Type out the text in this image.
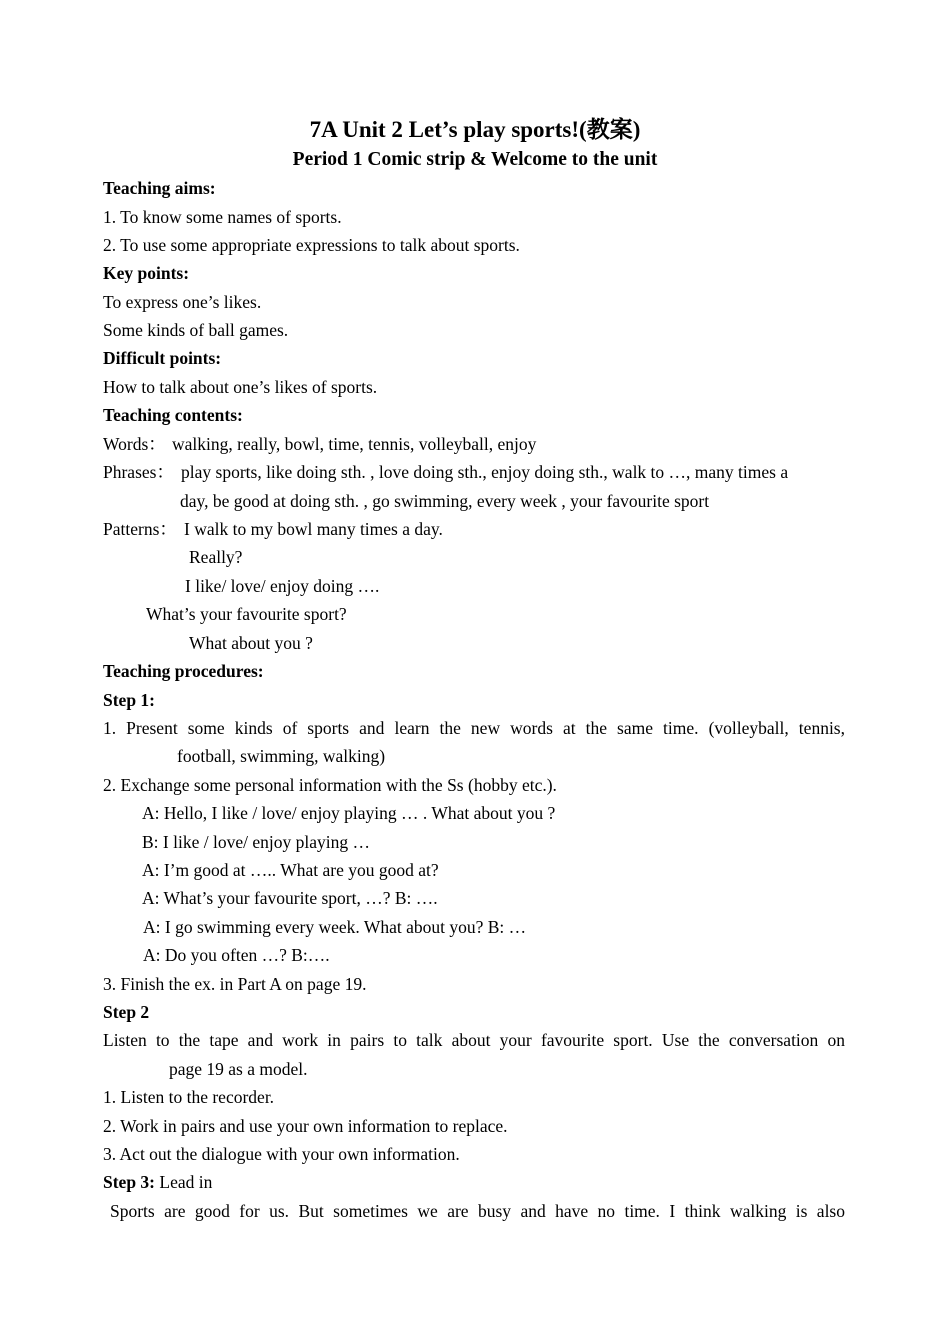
7A Unit 2 Let’s play sports!(教案)
Period 1 Comic strip & Welcome to the unit
Teaching aims:
1. To know some names of sports.
2. To use some appropriate expressions to talk about sports.
Key points:
To express one’s likes.
Some kinds of ball games.
Difficult points:
How to talk about one’s likes of sports.
Teaching contents:
Words： walking, really, bowl, time, tennis, volleyball, enjoy
Phrases： play sports, like doing sth. , love doing sth., enjoy doing sth., walk to …, many times a
day, be good at doing sth. , go swimming, every week , your favourite sport
Patterns： I walk to my bowl many times a day.
Really?
I like/ love/ enjoy doing ….
What’s your favourite sport?
What about you ?
Teaching procedures:
Step 1:
1. Present some kinds of sports and learn the new words at the same time. (volleyball, tennis,
football, swimming, walking)
2. Exchange some personal information with the Ss (hobby etc.).
A: Hello, I like / love/ enjoy playing … . What about you ?
B: I like / love/ enjoy playing …
A: I’m good at ….. What are you good at?
A: What’s your favourite sport, …? B: ….
A: I go swimming every week. What about you? B: …
A: Do you often …? B:….
3. Finish the ex. in Part A on page 19.
Step 2
Listen to the tape and work in pairs to talk about your favourite sport. Use the conversation on
page 19 as a model.
1. Listen to the recorder.
2. Work in pairs and use your own information to replace.
3. Act out the dialogue with your own information.
Step 3: Lead in
Sports are good for us. But sometimes we are busy and have no time. I think walking is also
